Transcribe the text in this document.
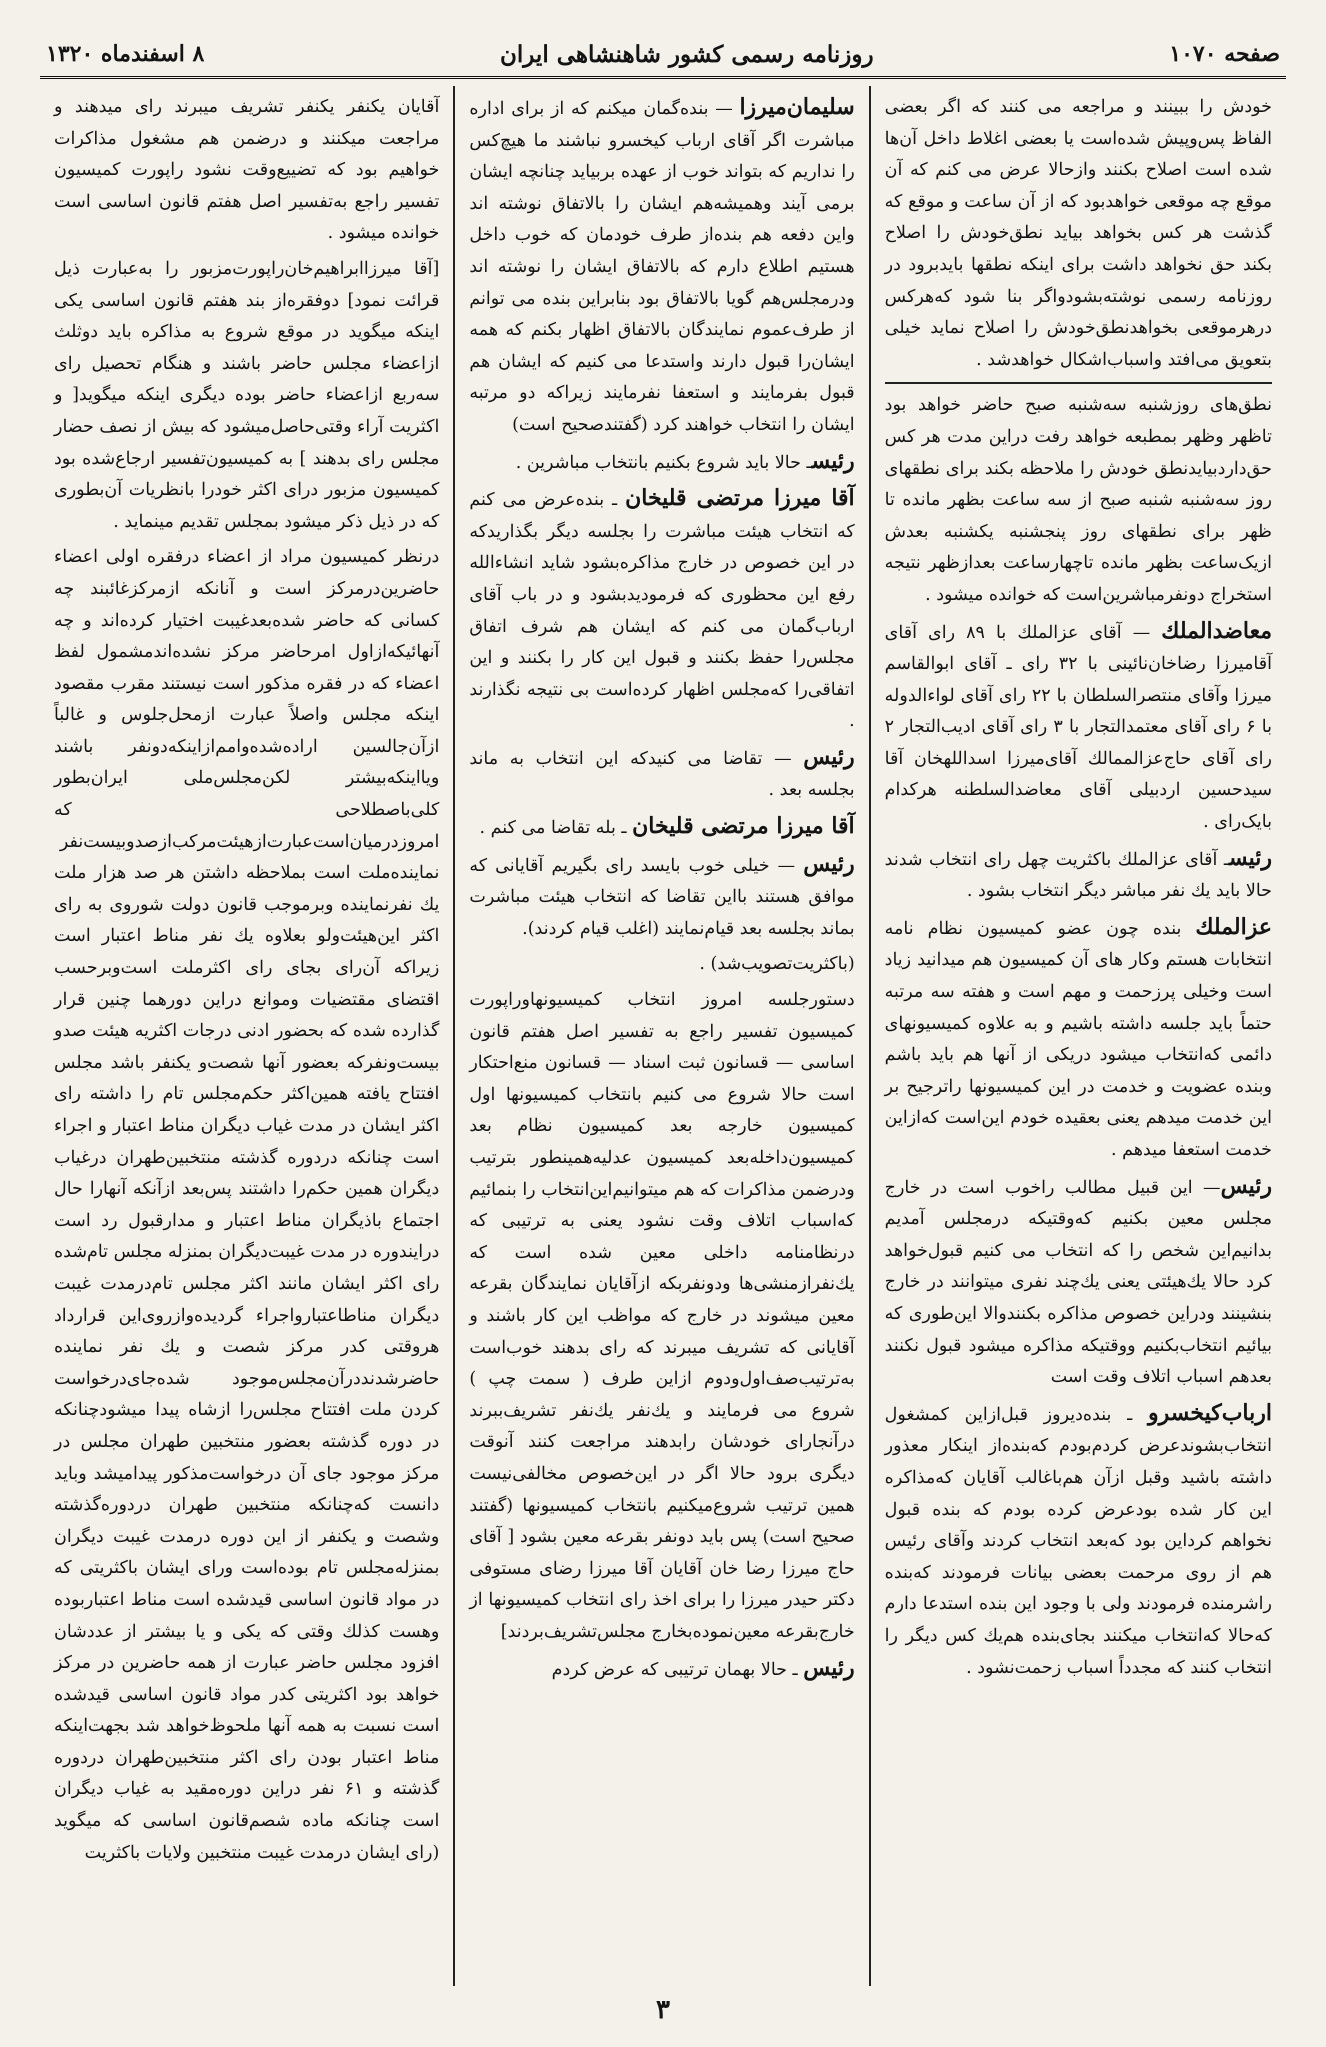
صفحه ۱۰۷۰
روزنامه رسمی کشور شاهنشاهی ایران
۸ اسفندماه ۱۳۲۰

خودش را ببینند و مراجعه می کنند که اگر بعضی الفاظ پس‌وپیش شده‌است یا بعضی اغلاط داخل آن‌ها شده است اصلاح بکنند وازحالا عرض می کنم که آن موقع چه موقعی خواهدبود که از آن ساعت و موقع که گذشت هر کس بخواهد بیاید نطق‌خودش را اصلاح بکند حق نخواهد داشت برای اینکه نطقها بایدبرود در روزنامه رسمی نوشته‌بشودواگر بنا شود که‌هرکس درهرموقعی بخواهدنطق‌خودش را اصلاح نماید خیلی بتعویق می‌افتد واسباب‌اشکال خواهدشد .

نطق‌های روزشنبه سه‌شنبه صبح حاضر خواهد بود تاظهر وظهر بمطبعه خواهد رفت دراین مدت هر کس حق‌داردبیایدنطق خودش را ملاحظه بکند برای نطقهای روز سه‌شنبه شنبه صبح از سه ساعت بظهر مانده تا ظهر برای نطقهای روز پنجشنبه یکشنبه بعدش ازیک‌ساعت بظهر مانده تاچهارساعت بعدازظهر نتیجه استخراج دونفرمباشرین‌است که خوانده میشود .

معاضدالملك — آقای عزالملك با ۸۹ رای آقای آقامیرزا رضاخان‌نائینی با ۳۲ رای ـ آقای ابوالقاسم میرزا وآقای منتصرالسلطان با ۲۲ رای آقای لواءالدوله با ۶ رای آقای معتمدالتجار با ۳ رای آقای ادیب‌التجار ۲ رای آقای حاج‌عزالممالك آقای‌میرزا اسداللهخان آقا سیدحسین اردبیلی آقای معاضدالسلطنه هرکدام بایک‌رای .

رئیسـ آقای عزالملك باکثریت چهل رای انتخاب شدند حالا باید یك نفر مباشر دیگر انتخاب بشود .

عزالملك بنده چون عضو کمیسیون نظام نامه انتخابات هستم وکار های آن کمیسیون هم میدانید زیاد است وخیلی پرزحمت و مهم است و هفته سه مرتبه حتماً باید جلسه داشته باشیم و به علاوه کمیسیونهای دائمی که‌انتخاب میشود دریکی از آنها هم باید باشم وبنده عضویت و خدمت در این کمیسیونها راترجیح بر این خدمت میدهم یعنی بعقیده خودم این‌است که‌ازاین خدمت استعفا میدهم .

رئیس— این قبیل مطالب راخوب است در خارج مجلس معین بکنیم که‌وقتیکه درمجلس آمدیم بدانیم‌این شخص را که انتخاب می کنیم قبول‌خواهد کرد حالا یك‌هیئتی یعنی یك‌چند نفری میتوانند در خارج بنشینند ودراین خصوص مذاکره بکنندوالا این‌طوری که بیائیم انتخاب‌بکنیم ووقتیکه مذاکره میشود قبول نکنند بعدهم اسباب اتلاف وقت است

ارباب‌کیخسرو ـ بنده‌دیروز قبل‌ازاین کمشغول انتخاب‌بشوندعرض کردم‌بودم که‌بنده‌از اینکار معذور داشته باشید وقبل ازآن هم‌باغالب آقایان که‌مذاکره این کار شده بودعرض کرده بودم که بنده قبول نخواهم کرداین بود که‌بعد انتخاب کردند وآقای رئیس هم از روی مرحمت بعضی بیانات فرمودند که‌بنده راشرمنده فرمودند ولی با وجود این بنده استدعا دارم که‌حالا که‌انتخاب میکنند بجای‌بنده هم‌یك کس دیگر را انتخاب کنند که مجدداً اسباب زحمت‌نشود .

سلیمان‌میرزا — بنده‌گمان میکنم که از برای اداره مباشرت اگر آقای ارباب کیخسرو نباشند ما هیچ‌کس را نداریم که بتواند خوب از عهده بربیاید چنانچه ایشان برمی آیند وهمیشه‌هم ایشان را بالاتفاق نوشته اند واین دفعه هم بنده‌از طرف خودمان که خوب داخل هستیم اطلاع دارم که بالاتفاق ایشان را نوشته اند ودرمجلس‌هم گویا بالاتفاق بود بنابراین بنده می توانم از طرف‌عموم نمایندگان بالاتفاق اظهار بکنم که همه ایشان‌را قبول دارند واستدعا می کنیم که ایشان هم قبول بفرمایند و استعفا نفرمایند زیراکه دو مرتبه ایشان را انتخاب خواهند کرد (گفتند‌صحیح است)

رئیسـ حالا باید شروع بکنیم بانتخاب مباشرین .

آقا میرزا مرتضی قلیخان ـ بنده‌عرض می کنم که انتخاب هیئت مباشرت را بجلسه دیگر بگذاریدکه در این خصوص در خارج مذاکره‌بشود شاید انشاءالله رفع این محظوری که فرمودیدبشود و در باب آقای ارباب‌گمان می کنم که ایشان هم شرف اتفاق مجلس‌را حفظ بکنند و قبول این کار را بکنند و این اتفاقی‌را که‌مجلس اظهار کرده‌است بی نتیجه نگذارند .

رئیس — تقاضا می کنیدکه این انتخاب به ماند بجلسه بعد .

آقا میرزا مرتضی قلیخان ـ بله تقاضا می کنم .

رئیس — خیلی خوب بایسد رای بگیریم آقایانی که موافق هستند بااین تقاضا که انتخاب هیئت مباشرت بماند بجلسه بعد قیام‌نمایند (اغلب قیام کردند).

(باکثریت‌تصویب‌شد) .

دستورجلسه امروز انتخاب کمیسیونهاوراپورت کمیسیون تفسیر راجع به تفسیر اصل هفتم قانون اساسی — قسانون ثبت اسناد — قسانون منع‌احتکار است حالا شروع می کنیم بانتخاب کمیسیونها اول کمیسیون خارجه بعد کمیسیون نظام بعد کمیسیون‌داخله‌بعد کمیسیون عدلیه‌همینطور بترتیب ودرضمن مذاکرات که ‌هم میتوانیم‌این‌انتخاب را بنمائیم که‌اسباب اتلاف وقت نشود یعنی به ترتیبی که درنظامنامه داخلی معین شده است که یك‌نفرازمنشی‌ها ودونفربکه ازآقایان نمایندگان بقرعه معین میشوند در خارج که مواظب این کار باشند و آقایانی که تشریف میبرند که رای بدهند خوب‌است به‌ترتیب‌صف‌اول‌ودوم ازاین طرف ( سمت چپ ) شروع می فرمایند و یك‌نفر یك‌نفر تشریف‌ببرند درآنجارای خودشان رابدهند مراجعت کنند آنوقت دیگری برود حالا اگر در این‌خصوص مخالفی‌نیست همین ترتیب شروع‌میکنیم بانتخاب کمیسیونها (گفتند صحیح است) پس باید دونفر بقرعه معین بشود [ آقای حاج میرزا رضا خان آقایان آقا میرزا رضای مستوفی دکتر حیدر میرزا را برای اخذ رای انتخاب کمیسیونها از خارج‌بقرعه معین‌نموده‌بخارج مجلس‌تشریف‌بردند]

رئیس ـ حالا بهمان ترتیبی که عرض کردم

آقایان یکنفر یکنفر تشریف میبرند رای میدهند و مراجعت میکنند و درضمن هم مشغول مذاکرات خواهیم بود که تضییع‌وقت نشود راپورت کمیسیون تفسیر راجع به‌تفسیر اصل هفتم قانون اساسی است خوانده میشود .

[آقا میرزاابراهیم‌خان‌راپورت‌مزبور را به‌عبارت ذیل قرائت نمود] دوفقره‌از بند هفتم قانون اساسی یکی اینکه میگوید در موقع شروع به مذاکره باید دوثلث ازاعضاء مجلس حاضر باشند و هنگام تحصیل رای سه‌ربع ازاعضاء حاضر بوده دیگری اینکه میگوید[ و اکثریت آراء وقتی‌حاصل‌میشود که بیش از نصف حضار مجلس رای بدهند ] به کمیسیون‌تفسیر ارجاع‌شده بود کمیسیون مزبور درای اکثر خودرا بانظریات آن‌بطوری که در ذیل ذکر میشود بمجلس تقدیم مینماید .

درنظر کمیسیون مراد از اعضاء درفقره اولی اعضاء حاضرین‌درمرکز است و آنانکه ازمرکزغائبند چه کسانی که حاضر شده‌بعدغیبت اختیار کرده‌اند و چه آنهائیکه‌ازاول امرحاضر مرکز نشده‌اندمشمول لفظ اعضاء که در فقره مذکور است نیستند مقرب مقصود اینکه مجلس واصلاً عبارت ازمحل‌جلوس و غالباً ازآن‌جالسین اراده‌شده‌وامم‌ازاینکه‌دونفر باشند ویااینکه‌بیشتر لکن‌مجلس‌ملی ایران‌بطور کلی‌باصطلاحی که امروزدرمیان‌است‌عبارت‌ازهیئت‌مرکب‌ازصدوبیست‌نفر نماینده‌ملت است بملاحظه داشتن هر صد هزار ملت یك نفرنماینده وبرموجب قانون دولت شوروی به رای اکثر این‌هیئت‌ولو بعلاوه یك نفر مناط اعتبار است زیراکه آن‌رای بجای رای اکثرملت است‌وبرحسب اقتضای مقتضیات وموانع دراین دورهما چنین قرار گذارده شده که بحضور ادنی درجات اکثریه هیئت صدو بیست‌ونفرکه بعضور آنها شصت‌و یکنفر باشد مجلس افتتاح یافته همین‌اکثر حکم‌مجلس تام را داشته رای اکثر ایشان در مدت غیاب دیگران مناط اعتبار و اجراء است چنانکه دردوره گذشته منتخبین‌طهران درغیاب دیگران همین حکم‌را داشتند پس‌بعد ازآنکه آنهارا حال اجتماع باذیگران مناط اعتبار و مدارقبول رد است درایندوره در مدت غیبت‌دیگران بمنزله مجلس تام‌شده رای اکثر ایشان مانند اکثر مجلس تام‌درمدت غیبت دیگران مناطاعتبار‌واجراء گردیده‌وازروی‌این قرارداد هروقتی کدر مرکز شصت و یك نفر نماینده حاضر‌شدند‌درآن‌مجلس‌موجود شده‌جای‌درخواست کردن ملت افتتاح مجلس‌را ازشاه پیدا میشودچنانکه در دوره گذشته بعضور منتخبین طهران مجلس در مرکز موجود جای آن درخواست‌مذکور پیدامیشد وباید دانست که‌چنانکه منتخبین طهران دردوره‌گذشته وشصت و یکنفر از این دوره درمدت غیبت دیگران بمنزله‌مجلس تام بوده‌است ورای ایشان باکثریتی که در مواد قانون اساسی قیدشده است مناط اعتباربوده وهست کذلك وقتی که یکی و یا بیشتر از عددشان افزود مجلس حاضر عبارت از همه حاضرین در مرکز خواهد بود اکثریتی کدر مواد قانون اساسی قیدشده است نسبت به همه آنها ملحوظ‌خواهد شد بجهت‌اینکه مناط اعتبار بودن رای اکثر منتخبین‌طهران در‌دوره گذشته و ۶۱ نفر دراین دوره‌مقید به غیاب دیگران است چنانکه ماده شصم‌قانون اساسی که میگوید (رای ایشان درمدت غیبت منتخبین ولایات باکثریت

۳
